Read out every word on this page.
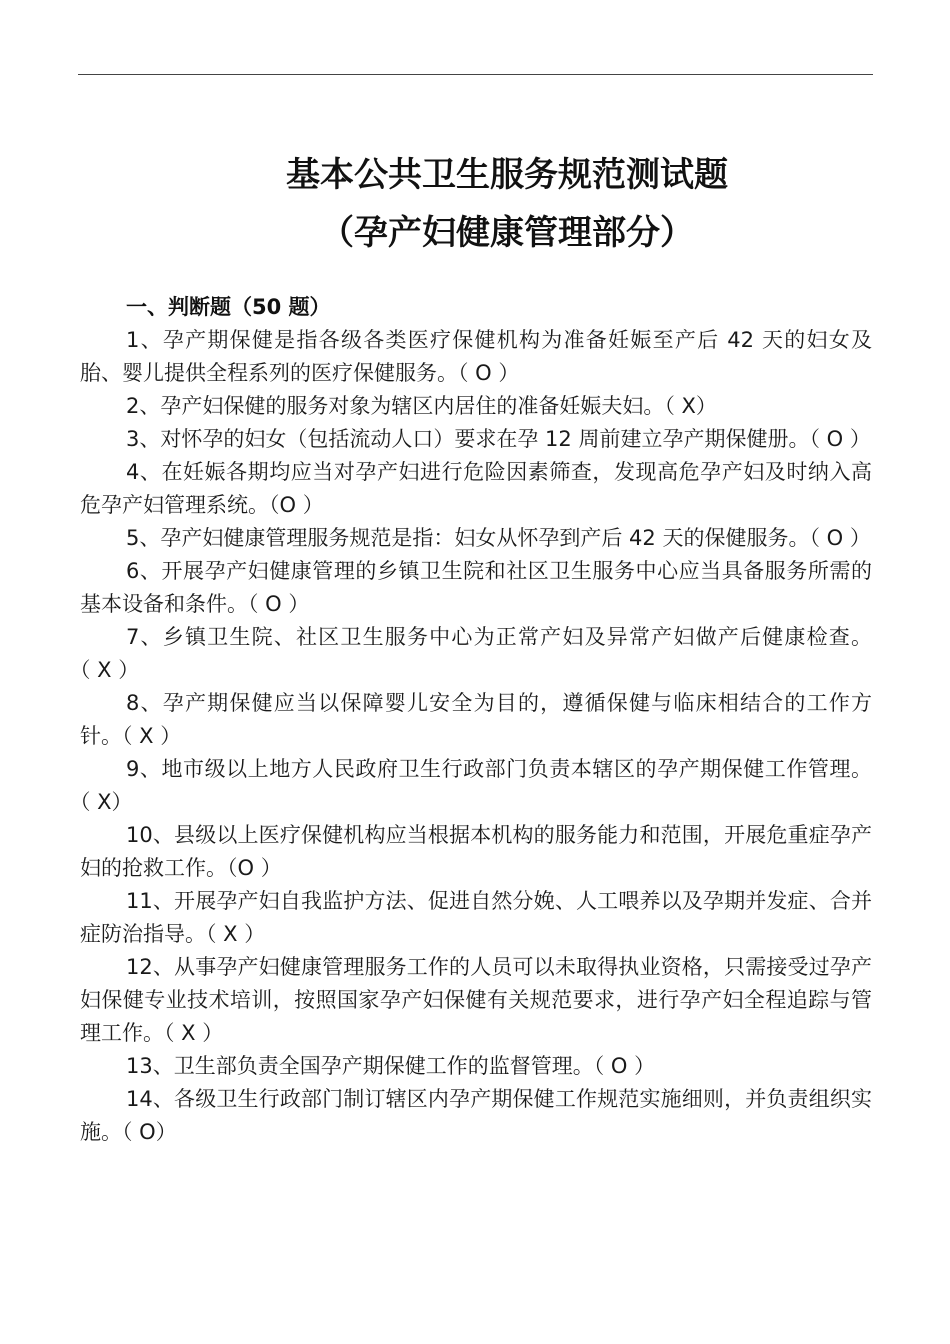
基本公共卫生服务规范测试题
（孕产妇健康管理部分）
一、判断题（50 题）

1、孕产期保健是指各级各类医疗保健机构为准备妊娠至产后 42 天的妇女及胎、婴儿提供全程系列的医疗保健服务。（ O ）

2、孕产妇保健的服务对象为辖区内居住的准备妊娠夫妇。（ X）

3、对怀孕的妇女（包括流动人口）要求在孕 12 周前建立孕产期保健册。（ O ）

4、在妊娠各期均应当对孕产妇进行危险因素筛查，发现高危孕产妇及时纳入高危孕产妇管理系统。（O ）

5、孕产妇健康管理服务规范是指：妇女从怀孕到产后 42 天的保健服务。（ O ）

6、开展孕产妇健康管理的乡镇卫生院和社区卫生服务中心应当具备服务所需的基本设备和条件。（ O ）

7、乡镇卫生院、社区卫生服务中心为正常产妇及异常产妇做产后健康检查。（ X ）

8、孕产期保健应当以保障婴儿安全为目的，遵循保健与临床相结合的工作方针。（ X ）

9、地市级以上地方人民政府卫生行政部门负责本辖区的孕产期保健工作管理。（ X）

10、县级以上医疗保健机构应当根据本机构的服务能力和范围，开展危重症孕产妇的抢救工作。（O ）

11、开展孕产妇自我监护方法、促进自然分娩、人工喂养以及孕期并发症、合并症防治指导。（ X ）

12、从事孕产妇健康管理服务工作的人员可以未取得执业资格，只需接受过孕产妇保健专业技术培训，按照国家孕产妇保健有关规范要求，进行孕产妇全程追踪与管理工作。（ X ）

13、卫生部负责全国孕产期保健工作的监督管理。（ O ）

14、各级卫生行政部门制订辖区内孕产期保健工作规范实施细则，并负责组织实施。（ O）
